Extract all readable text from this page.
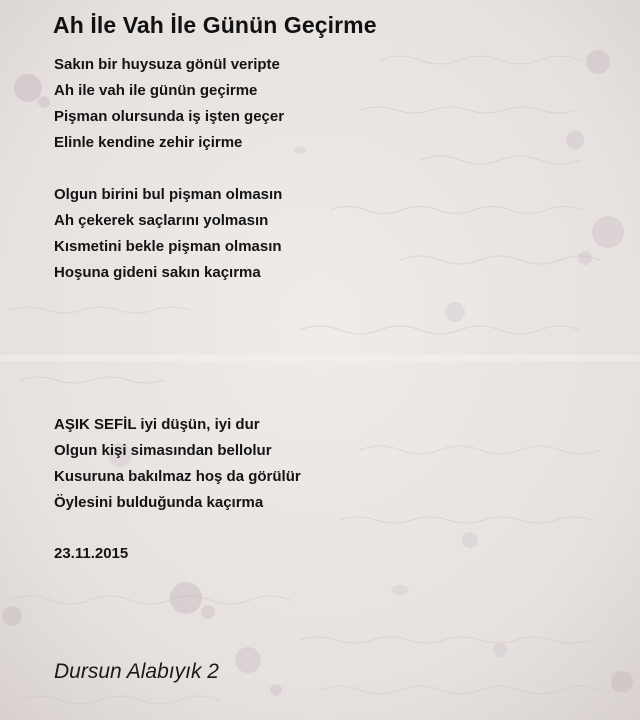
Ah İle Vah İle Günün Geçirme
Sakın bir huysuza gönül veripte
Ah ile vah ile günün geçirme
Pişman olursunda iş işten geçer
Elinle kendine zehir içirme
Olgun birini bul pişman olmasın
Ah çekerek saçlarını yolmasın
Kısmetini bekle pişman olmasın
Hoşuna gideni sakın kaçırma
AŞIK SEFİL iyi düşün, iyi dur
Olgun kişi simasından bellolur
Kusuruna bakılmaz hoş da görülür
Öylesini bulduğunda kaçırma
23.11.2015
Dursun Alabıyık 2
